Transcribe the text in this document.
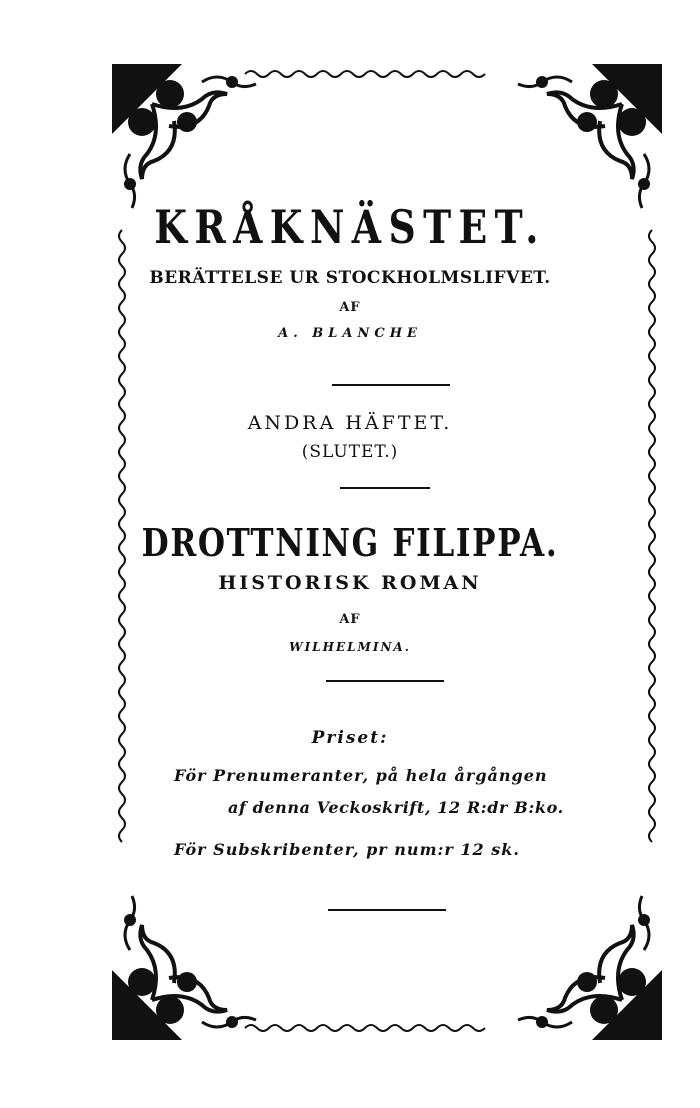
KRÅKNÄSTET.
BERÄTTELSE UR STOCKHOLMSLIFVET.
AF
A. BLANCHE
ANDRA HÄFTET.
(SLUTET.)
DROTTNING FILIPPA.
HISTORISK ROMAN
AF
WILHELMINA.
Priset:
För Prenumeranter, på hela årgången
af denna Veckoskrift, 12 R:dr B:ko.
För Subskribenter, pr num:r 12 sk.
